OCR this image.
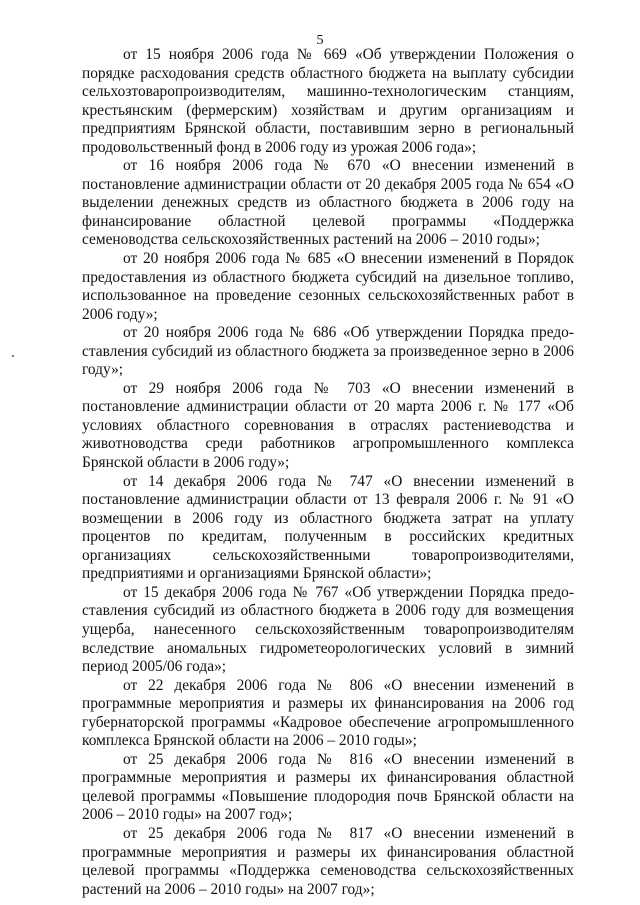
5

от 15 ноября 2006 года № 669 «Об утверждении Положения о порядке расходования средств областного бюджета на выплату субсидии сельхозтоваропроизводителям, машинно-технологическим станциям, крестьянским (фермерским) хозяйствам и другим организациям и предприятиям Брянской области, поставившим зерно в региональный продовольственный фонд в 2006 году из урожая 2006 года»;

от 16 ноября 2006 года № 670 «О внесении изменений в постановление администрации области от 20 декабря 2005 года № 654 «О выделении денежных средств из областного бюджета в 2006 году на финансирование областной целевой программы «Поддержка семеноводства сельскохозяйственных растений на 2006 – 2010 годы»;

от 20 ноября 2006 года № 685 «О внесении изменений в Порядок предоставления из областного бюджета субсидий на дизельное топливо, использованное на проведение сезонных сельскохозяйственных работ в 2006 году»;

от 20 ноября 2006 года № 686 «Об утверждении Порядка предоставления субсидий из областного бюджета за произведенное зерно в 2006 году»;

от 29 ноября 2006 года № 703 «О внесении изменений в постановление администрации области от 20 марта 2006 г. № 177 «Об условиях областного соревнования в отраслях растениеводства и животноводства среди работников агропромышленного комплекса Брянской области в 2006 году»;

от 14 декабря 2006 года № 747 «О внесении изменений в постановление администрации области от 13 февраля 2006 г. № 91 «О возмещении в 2006 году из областного бюджета затрат на уплату процентов по кредитам, полученным в российских кредитных организациях сельскохозяйственными товаропроизводителями, предприятиями и организациями Брянской области»;

от 15 декабря 2006 года № 767 «Об утверждении Порядка предоставления субсидий из областного бюджета в 2006 году для возмещения ущерба, нанесенного сельскохозяйственным товаропроизводителям вследствие аномальных гидрометеорологических условий в зимний период 2005/06 года»;

от 22 декабря 2006 года № 806 «О внесении изменений в программные мероприятия и размеры их финансирования на 2006 год губернаторской программы «Кадровое обеспечение агропромышленного комплекса Брянской области на 2006 – 2010 годы»;

от 25 декабря 2006 года № 816 «О внесении изменений в программные мероприятия и размеры их финансирования областной целевой программы «Повышение плодородия почв Брянской области на 2006 – 2010 годы» на 2007 год»;

от 25 декабря 2006 года № 817 «О внесении изменений в программные мероприятия и размеры их финансирования областной целевой программы «Поддержка семеноводства сельскохозяйственных растений на 2006 – 2010 годы» на 2007 год»;
